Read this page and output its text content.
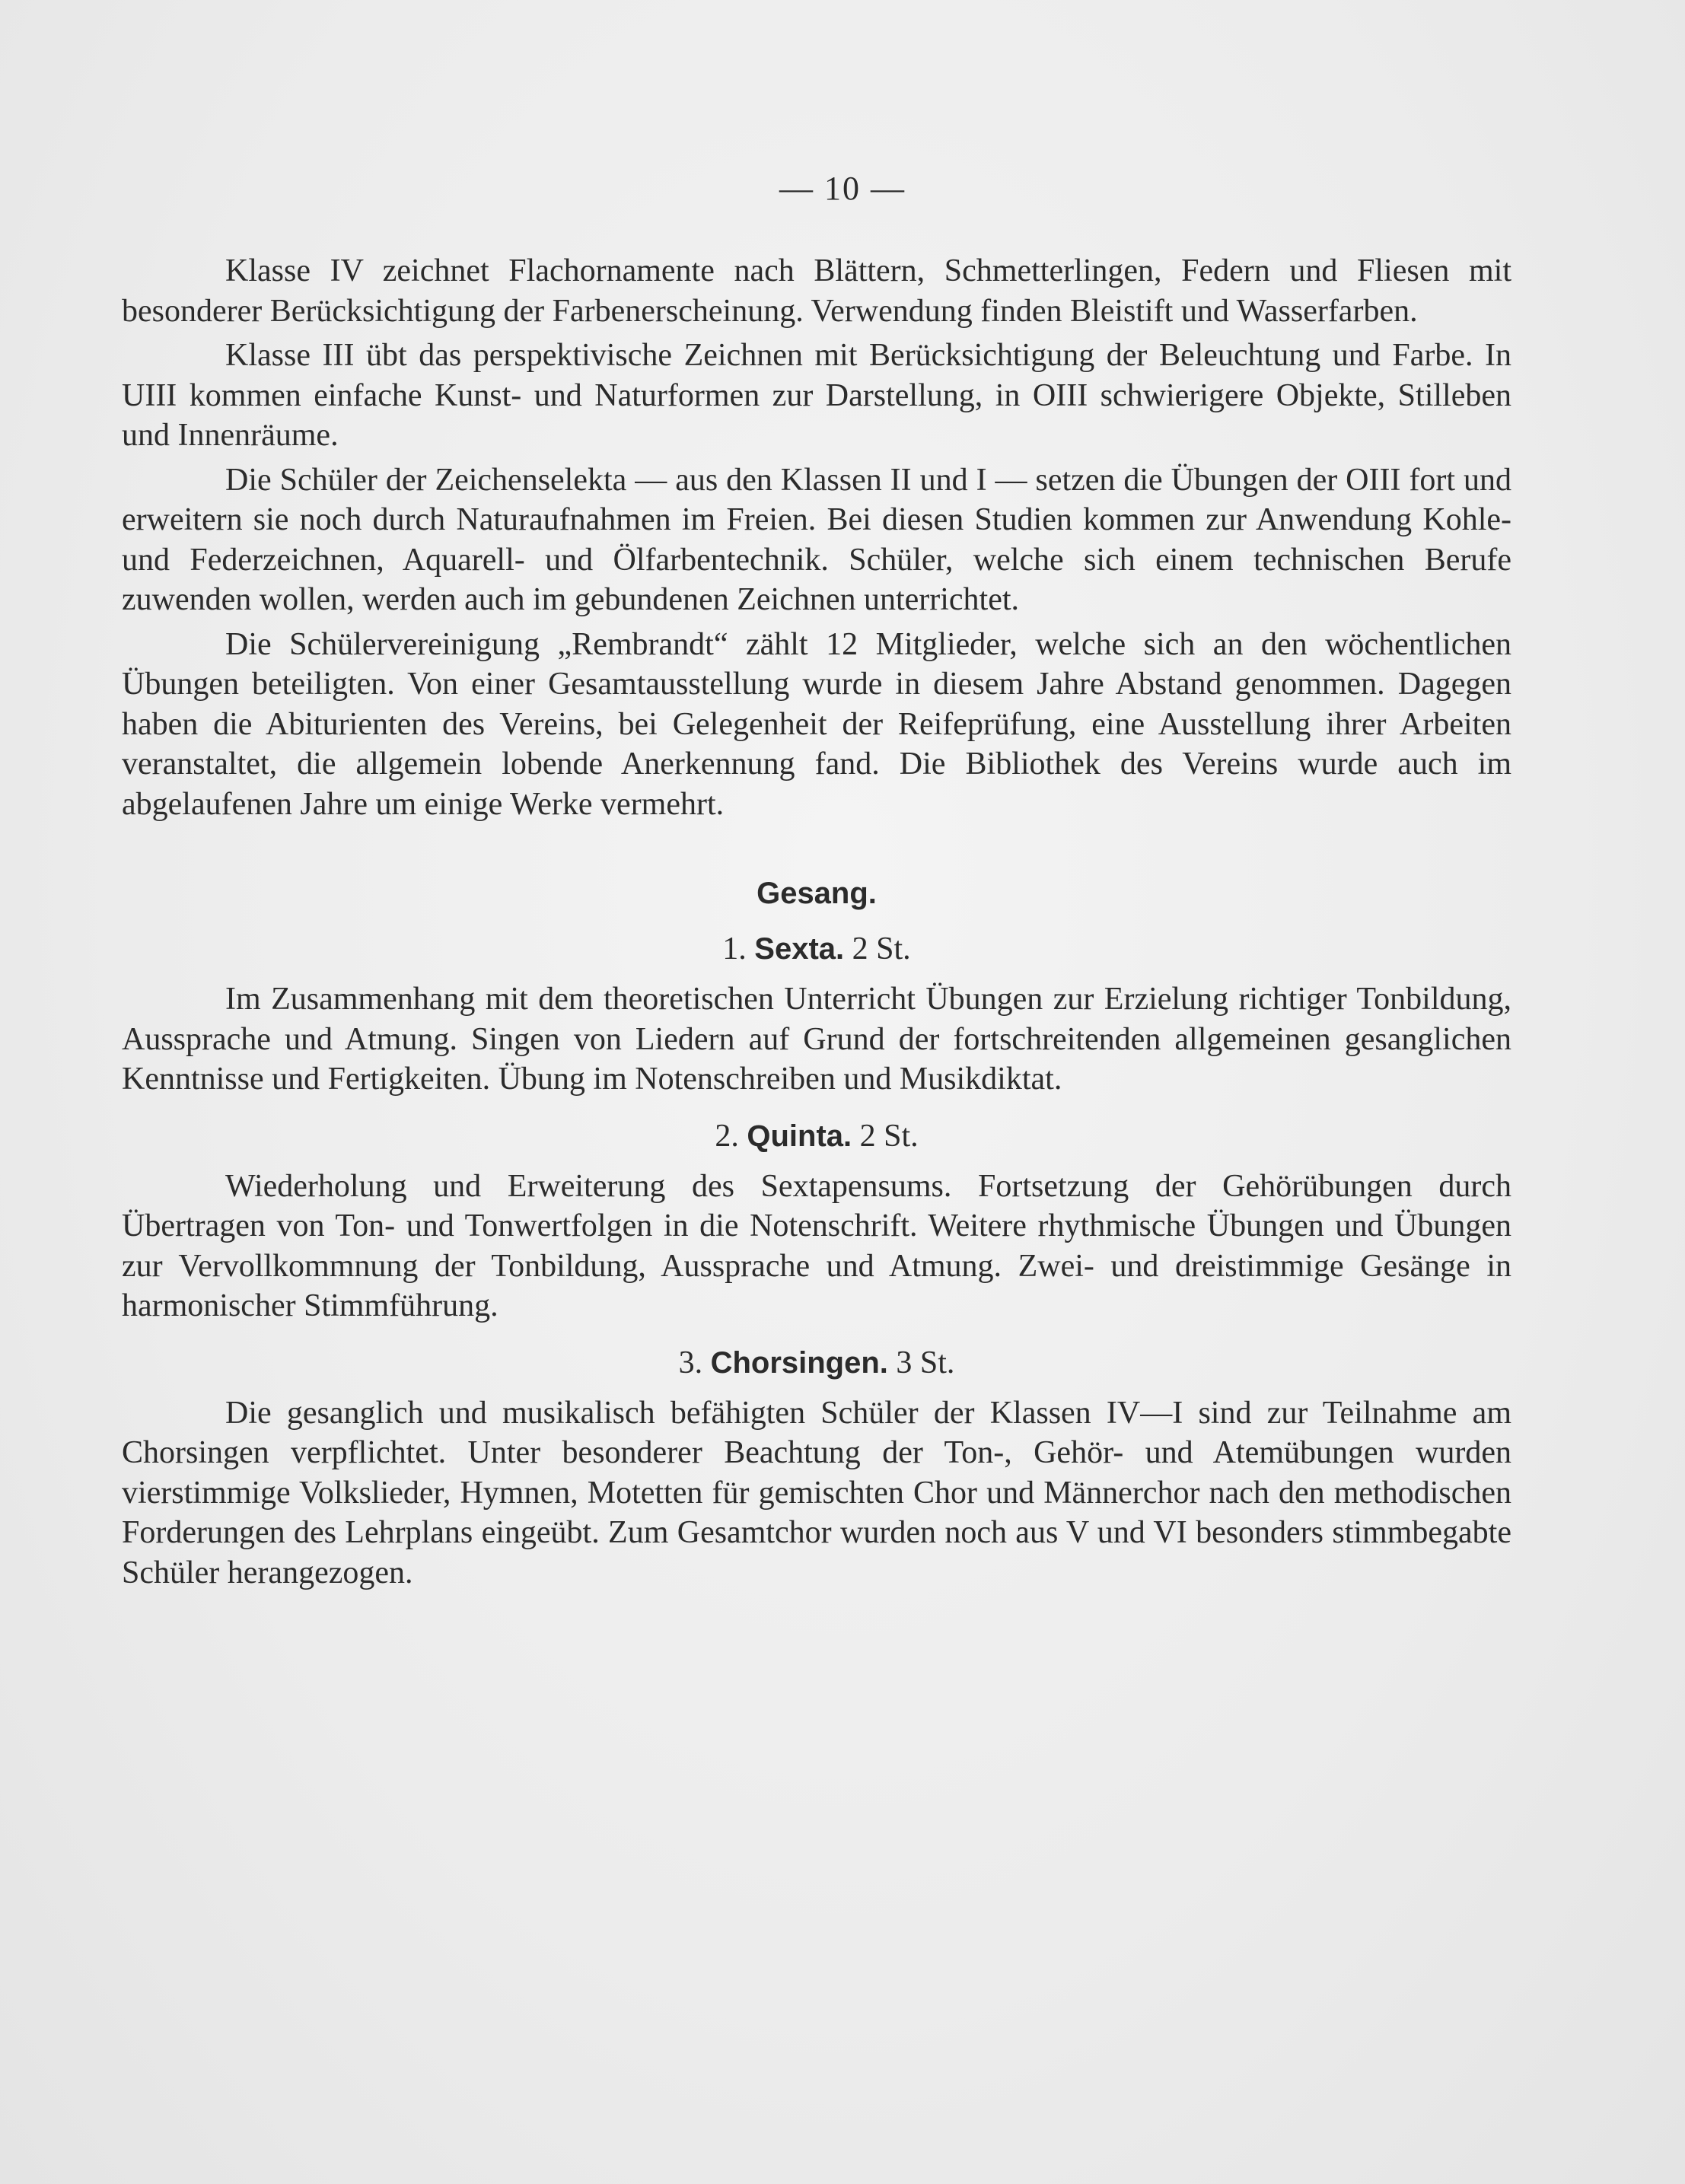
— 10 —

Klasse IV zeichnet Flachornamente nach Blättern, Schmetterlingen, Federn und Fliesen mit besonderer Berücksichtigung der Farbenerscheinung. Verwendung finden Bleistift und Wasserfarben.

Klasse III übt das perspektivische Zeichnen mit Berücksichtigung der Beleuchtung und Farbe. In UIII kommen einfache Kunst- und Naturformen zur Darstellung, in OIII schwierigere Objekte, Stilleben und Innenräume.

Die Schüler der Zeichenselekta — aus den Klassen II und I — setzen die Übungen der OIII fort und erweitern sie noch durch Naturaufnahmen im Freien. Bei diesen Studien kommen zur Anwendung Kohle- und Federzeichnen, Aquarell- und Ölfarbentechnik. Schüler, welche sich einem technischen Berufe zuwenden wollen, werden auch im gebundenen Zeichnen unterrichtet.

Die Schülervereinigung „Rembrandt“ zählt 12 Mitglieder, welche sich an den wöchentlichen Übungen beteiligten. Von einer Gesamtausstellung wurde in diesem Jahre Abstand genommen. Dagegen haben die Abiturienten des Vereins, bei Gelegenheit der Reifeprüfung, eine Ausstellung ihrer Arbeiten veranstaltet, die allgemein lobende Anerkennung fand. Die Bibliothek des Vereins wurde auch im abgelaufenen Jahre um einige Werke vermehrt.

Gesang.
1. Sexta. 2 St.

Im Zusammenhang mit dem theoretischen Unterricht Übungen zur Erzielung richtiger Tonbildung, Aussprache und Atmung. Singen von Liedern auf Grund der fortschreitenden allgemeinen gesanglichen Kenntnisse und Fertigkeiten. Übung im Notenschreiben und Musikdiktat.

2. Quinta. 2 St.

Wiederholung und Erweiterung des Sextapensums. Fortsetzung der Gehörübungen durch Übertragen von Ton- und Tonwertfolgen in die Notenschrift. Weitere rhythmische Übungen und Übungen zur Vervollkommnung der Tonbildung, Aussprache und Atmung. Zwei- und dreistimmige Gesänge in harmonischer Stimmführung.

3. Chorsingen. 3 St.

Die gesanglich und musikalisch befähigten Schüler der Klassen IV—I sind zur Teilnahme am Chorsingen verpflichtet. Unter besonderer Beachtung der Ton-, Gehör- und Atemübungen wurden vierstimmige Volkslieder, Hymnen, Motetten für gemischten Chor und Männerchor nach den methodischen Forderungen des Lehrplans eingeübt. Zum Gesamtchor wurden noch aus V und VI besonders stimmbegabte Schüler herangezogen.
